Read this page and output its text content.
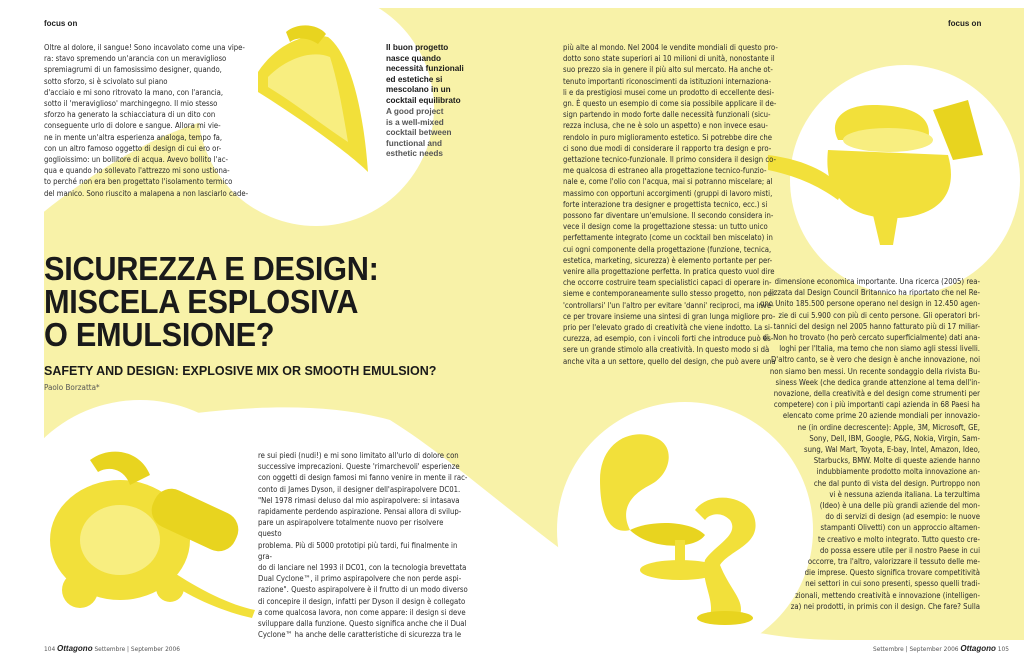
focus on	focus on
Oltre al dolore, il sangue! Sono incavolato come una vipe-
ra: stavo spremendo un'arancia con un meraviglioso
spremiagrumi di un famosissimo designer, quando,
sotto sforzo, si è scivolato sul piano
d'acciaio e mi sono ritrovato la mano, con l'arancia,
sotto il 'meraviglioso' marchingegno. Il mio stesso
sforzo ha generato la schiacciatura di un dito con
conseguente urlo di dolore e sangue. Allora mi vie-
ne in mente un'altra esperienza analoga, tempo fa,
con un altro famoso oggetto di design di cui ero or-
goglioissimo: un bollitore di acqua. Avevo bollito l'ac-
qua e quando ho sollevato l'attrezzo mi sono ustiona-
to perché non era ben progettato l'isolamento termico
del manico. Sono riuscito a malapena a non lasciarlo cade-
Il buon progetto
nasce quando
necessità funzionali
ed estetiche si
mescolano in un
cocktail equilibrato
A good project
is a well-mixed
cocktail between
functional and
esthetic needs
SICUREZZA E DESIGN:
MISCELA ESPLOSIVA
O EMULSIONE?
SAFETY AND DESIGN: EXPLOSIVE MIX OR SMOOTH EMULSION?
Paolo Borzatta*
re sui piedi (nudi!) e mi sono limitato all'urlo di dolore con
successive imprecazioni. Queste 'rimarchevoli' esperienze
con oggetti di design famosi mi fanno venire in mente il rac-
conto di James Dyson, il designer dell'aspirapolvere DC01.
"Nel 1978 rimasi deluso dal mio aspirapolvere: si intasava
rapidamente perdendo aspirazione. Pensai allora di svilup-
pare un aspirapolvere totalmente nuovo per risolvere questo
problema. Più di 5000 prototipi più tardi, fui finalmente in gra-
do di lanciare nel 1993 il DC01, con la tecnologia brevettata
Dual Cyclone™, il primo aspirapolvere che non perde aspi-
razione". Questo aspirapolvere è il frutto di un modo diverso
di concepire il design, infatti per Dyson il design è collegato
a come qualcosa lavora, non come appare: il design si deve
sviluppare dalla funzione. Questo significa anche che il Dual
Cyclone™ ha anche delle caratteristiche di sicurezza tra le
più alte al mondo. Nel 2004 le vendite mondiali di questo pro-
dotto sono state superiori ai 10 milioni di unità, nonostante il
suo prezzo sia in genere il più alto sul mercato. Ha anche ot-
tenuto importanti riconoscimenti da istituzioni internaziona-
li e da prestigiosi musei come un prodotto di eccellente desi-
gn. È questo un esempio di come sia possibile applicare il de-
sign partendo in modo forte dalle necessità funzionali (sicu-
rezza inclusa, che ne è solo un aspetto) e non invece esau-
rendolo in puro miglioramento estetico. Si potrebbe dire che
ci sono due modi di considerare il rapporto tra design e pro-
gettazione tecnico-funzionale. Il primo considera il design co-
me qualcosa di estraneo alla progettazione tecnico-funzio-
nale e, come l'olio con l'acqua, mai si potranno miscelare; al
massimo con opportuni accorgimenti (gruppi di lavoro misti,
forte interazione tra designer e progettista tecnico, ecc.) si
possono far diventare un'emulsione. Il secondo considera in-
vece il design come la progettazione stessa: un tutto unico
perfettamente integrato (come un cocktail ben miscelato) in
cui ogni componente della progettazione (funzione, tecnica,
estetica, marketing, sicurezza) è elemento portante per per-
venire alla progettazione perfetta. In pratica questo vuol dire
che occorre costruire team specialistici capaci di operare in-
sieme e contemporaneamente sullo stesso progetto, non per
'controllarsi' l'un l'altro per evitare 'danni' reciproci, ma inve-
ce per trovare insieme una sintesi di gran lunga migliore pro-
prio per l'elevato grado di creatività che viene indotto. La si-
curezza, ad esempio, con i vincoli forti che introduce può es-
sere un grande stimolo alla creatività. In questo modo si dà
anche vita a un settore, quello del design, che può avere una
dimensione economica importante. Una ricerca (2005) rea-
lizzata dal Design Council Britannico ha riportato che nel Re-
gno Unito 185.500 persone operano nel design in 12.450 agen-
zie di cui 5.900 con più di cento persone. Gli operatori bri-
tannici del design nel 2005 hanno fatturato più di 17 miliar-
di. Non ho trovato (ho però cercato superficialmente) dati ana-
loghi per l'Italia, ma temo che non siamo agli stessi livelli.
D'altro canto, se è vero che design è anche innovazione, noi
non siamo ben messi. Un recente sondaggio della rivista Bu-
siness Week (che dedica grande attenzione al tema dell'in-
novazione, della creatività e del design come strumenti per
competere) con i più importanti capi azienda in 68 Paesi ha
elencato come prime 20 aziende mondiali per innovazio-
ne (in ordine decrescente): Apple, 3M, Microsoft, GE,
Sony, Dell, IBM, Google, P&G, Nokia, Virgin, Sam-
sung, Wal Mart, Toyota, E-bay, Intel, Amazon, Ideo,
Starbucks, BMW. Molte di queste aziende hanno
indubbiamente prodotto molta innovazione an-
che dal punto di vista del design. Purtroppo non
vi è nessuna azienda italiana. La terzultima
(Ideo) è una delle più grandi aziende del mon-
do di servizi di design (ad esempio: le nuove
stampanti Olivetti) con un approccio altamen-
te creativo e molto integrato. Tutto questo cre-
do possa essere utile per il nostro Paese in cui
occorre, tra l'altro, valorizzare il tessuto delle me-
die imprese. Questo significa trovare competitività
nei settori in cui sono presenti, spesso quelli tradi-
zionali, mettendo creatività e innovazione (intelligen-
za) nei prodotti, in primis con il design. Che fare? Sulla
104 Ottagono Settembre | September 2006	Settembre | September 2006 Ottagono 105
